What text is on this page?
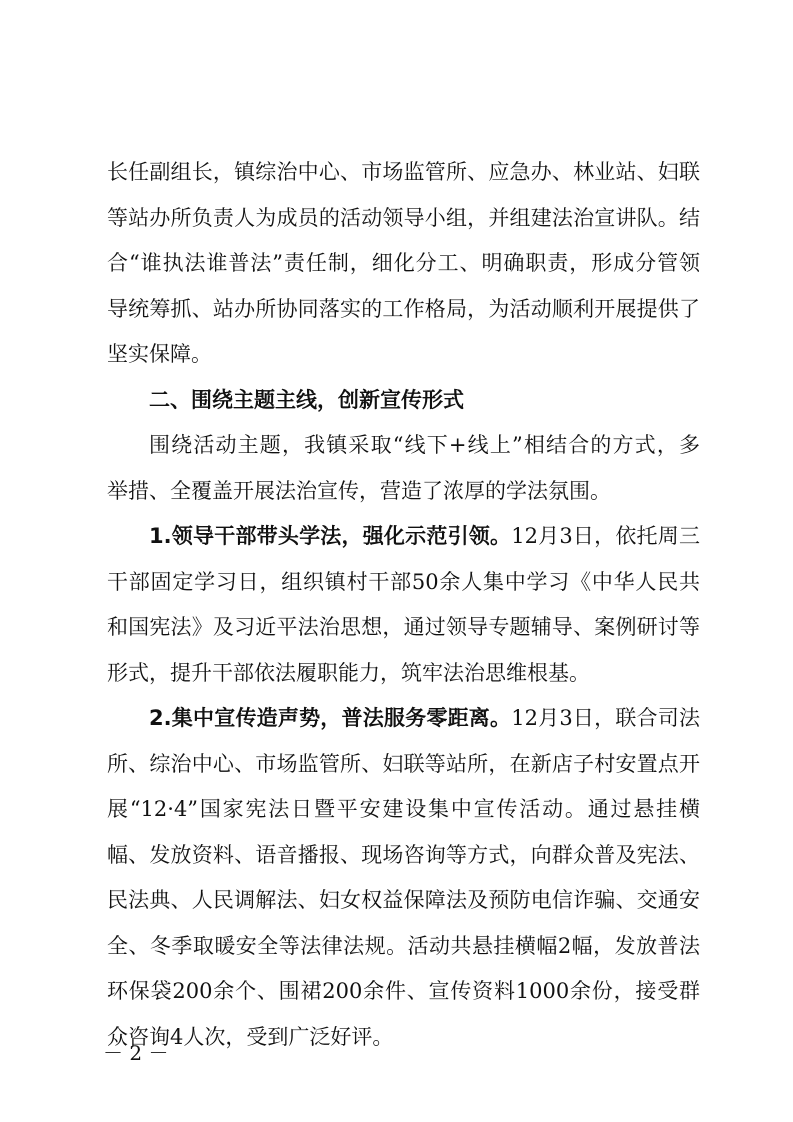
长任副组长，镇综治中心、市场监管所、应急办、林业站、妇联
等站办所负责人为成员的活动领导小组，并组建法治宣讲队。结
合“谁执法谁普法”责任制，细化分工、明确职责，形成分管领
导统筹抓、站办所协同落实的工作格局，为活动顺利开展提供了
坚实保障。
二、围绕主题主线，创新宣传形式
围绕活动主题，我镇采取“线下+线上”相结合的方式，多
举措、全覆盖开展法治宣传，营造了浓厚的学法氛围。
1.领导干部带头学法，强化示范引领。12月3日，依托周三
干部固定学习日，组织镇村干部50余人集中学习《中华人民共
和国宪法》及习近平法治思想，通过领导专题辅导、案例研讨等
形式，提升干部依法履职能力，筑牢法治思维根基。
2.集中宣传造声势，普法服务零距离。12月3日，联合司法
所、综治中心、市场监管所、妇联等站所，在新店子村安置点开
展“12·4”国家宪法日暨平安建设集中宣传活动。通过悬挂横
幅、发放资料、语音播报、现场咨询等方式，向群众普及宪法、
民法典、人民调解法、妇女权益保障法及预防电信诈骗、交通安
全、冬季取暖安全等法律法规。活动共悬挂横幅2幅，发放普法
环保袋200余个、围裙200余件、宣传资料1000余份，接受群
众咨询4人次，受到广泛好评。
－ 2 －
